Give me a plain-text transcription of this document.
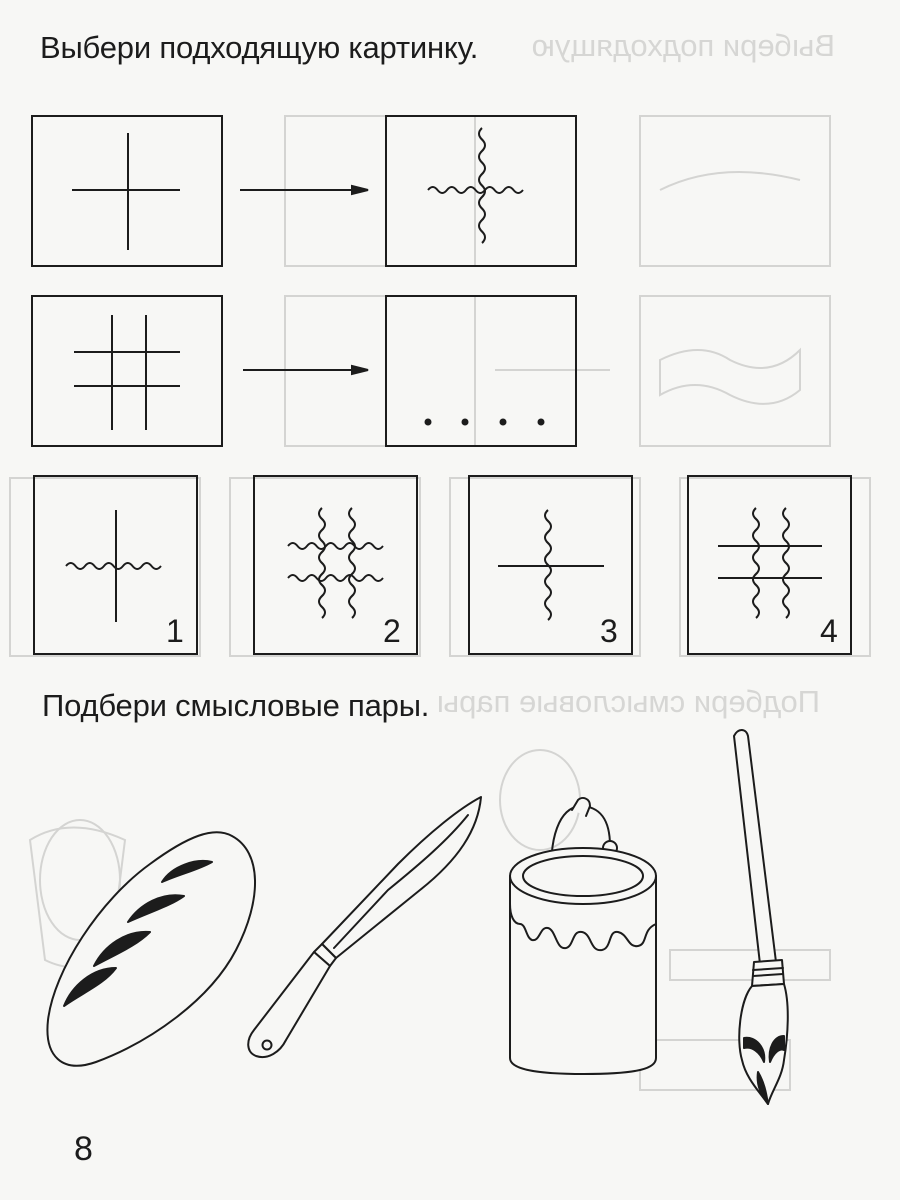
Выбери подходящую
Подбери смысловые пары
Выбери подходящую картинку.
Подбери смысловые пары.
1	2	3	4
8
